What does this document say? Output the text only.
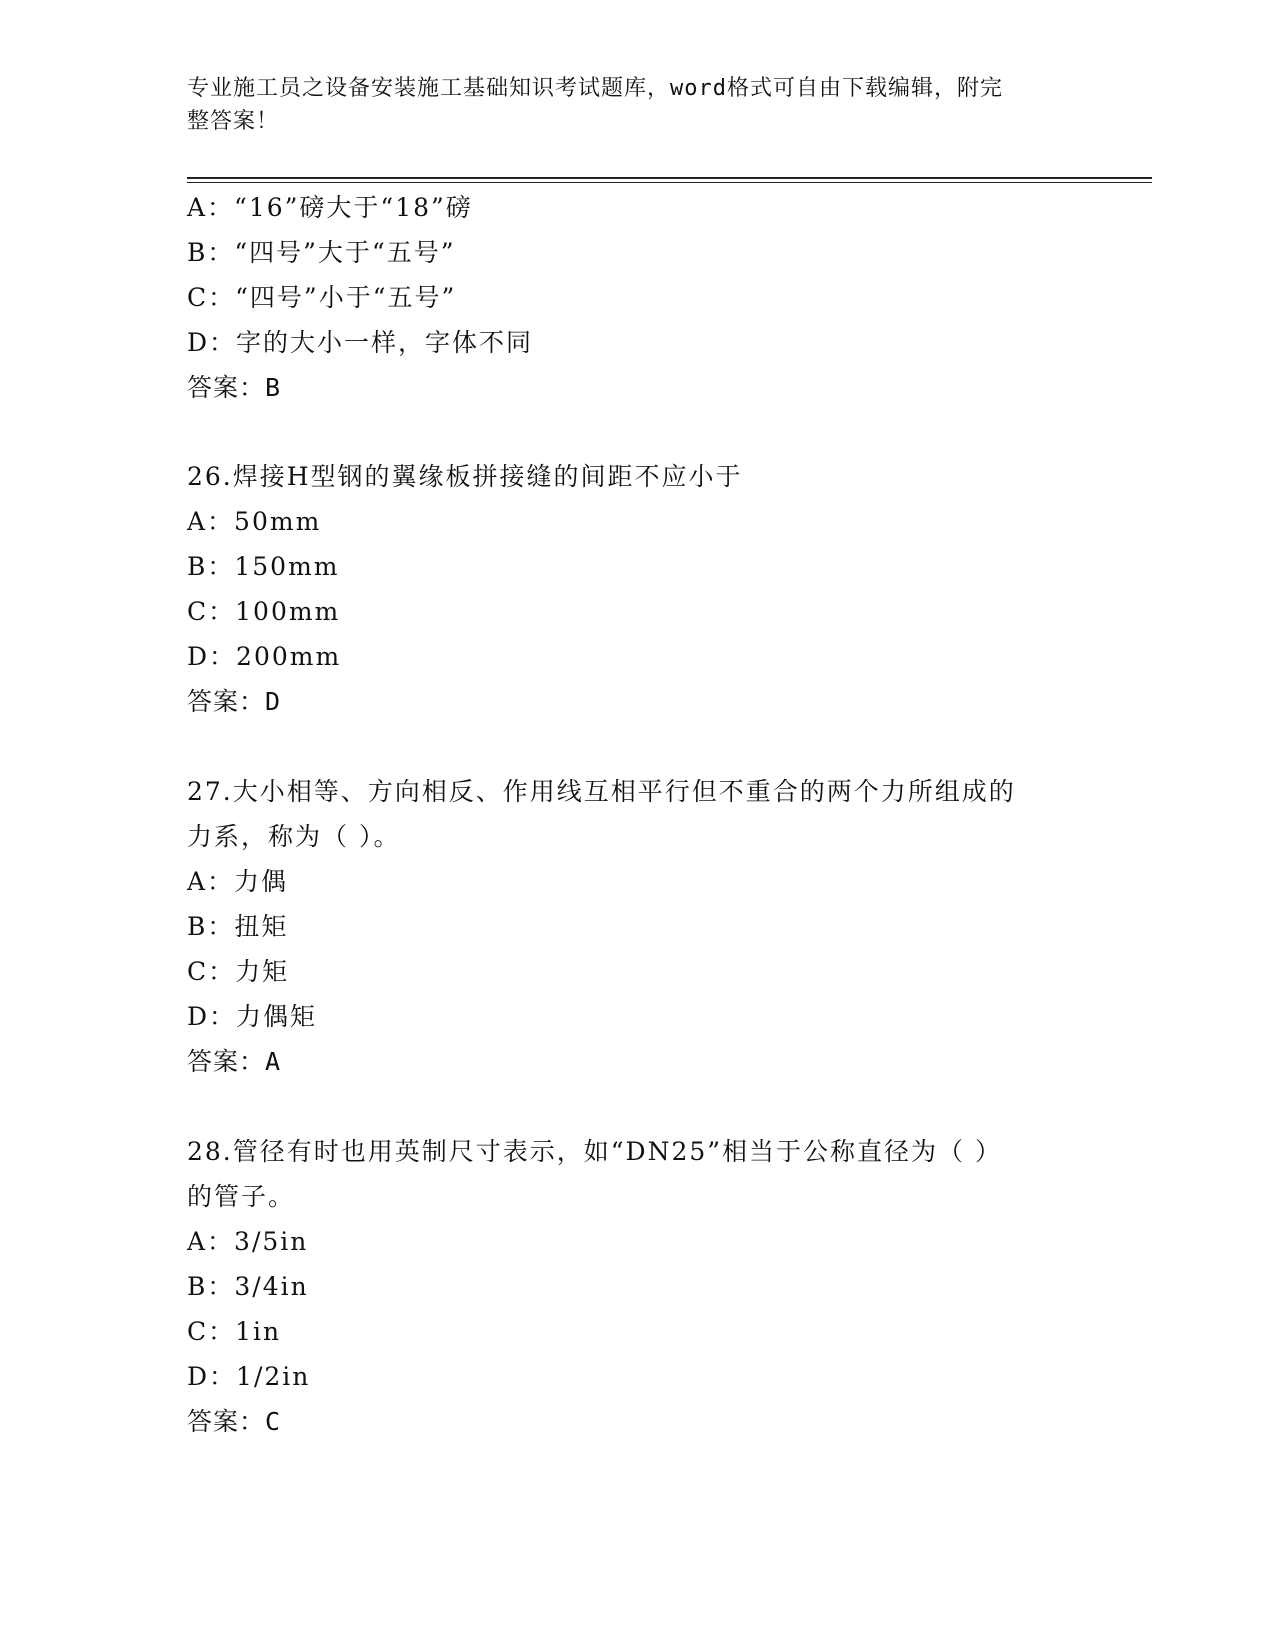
专业施工员之设备安装施工基础知识考试题库，word格式可自由下载编辑，附完
整答案！
A：“16”磅大于“18”磅
B：“四号”大于“五号”
C：“四号”小于“五号”
D：字的大小一样，字体不同
答案：B
26.焊接H型钢的翼缘板拼接缝的间距不应小于
A：50mm
B：150mm
C：100mm
D：200mm
答案：D
27.大小相等、方向相反、作用线互相平行但不重合的两个力所组成的
力系，称为（ ）。
A：力偶
B：扭矩
C：力矩
D：力偶矩
答案：A
28.管径有时也用英制尺寸表示，如“DN25”相当于公称直径为（ ）
的管子。
A：3/5in
B：3/4in
C：1in
D：1/2in
答案：C
